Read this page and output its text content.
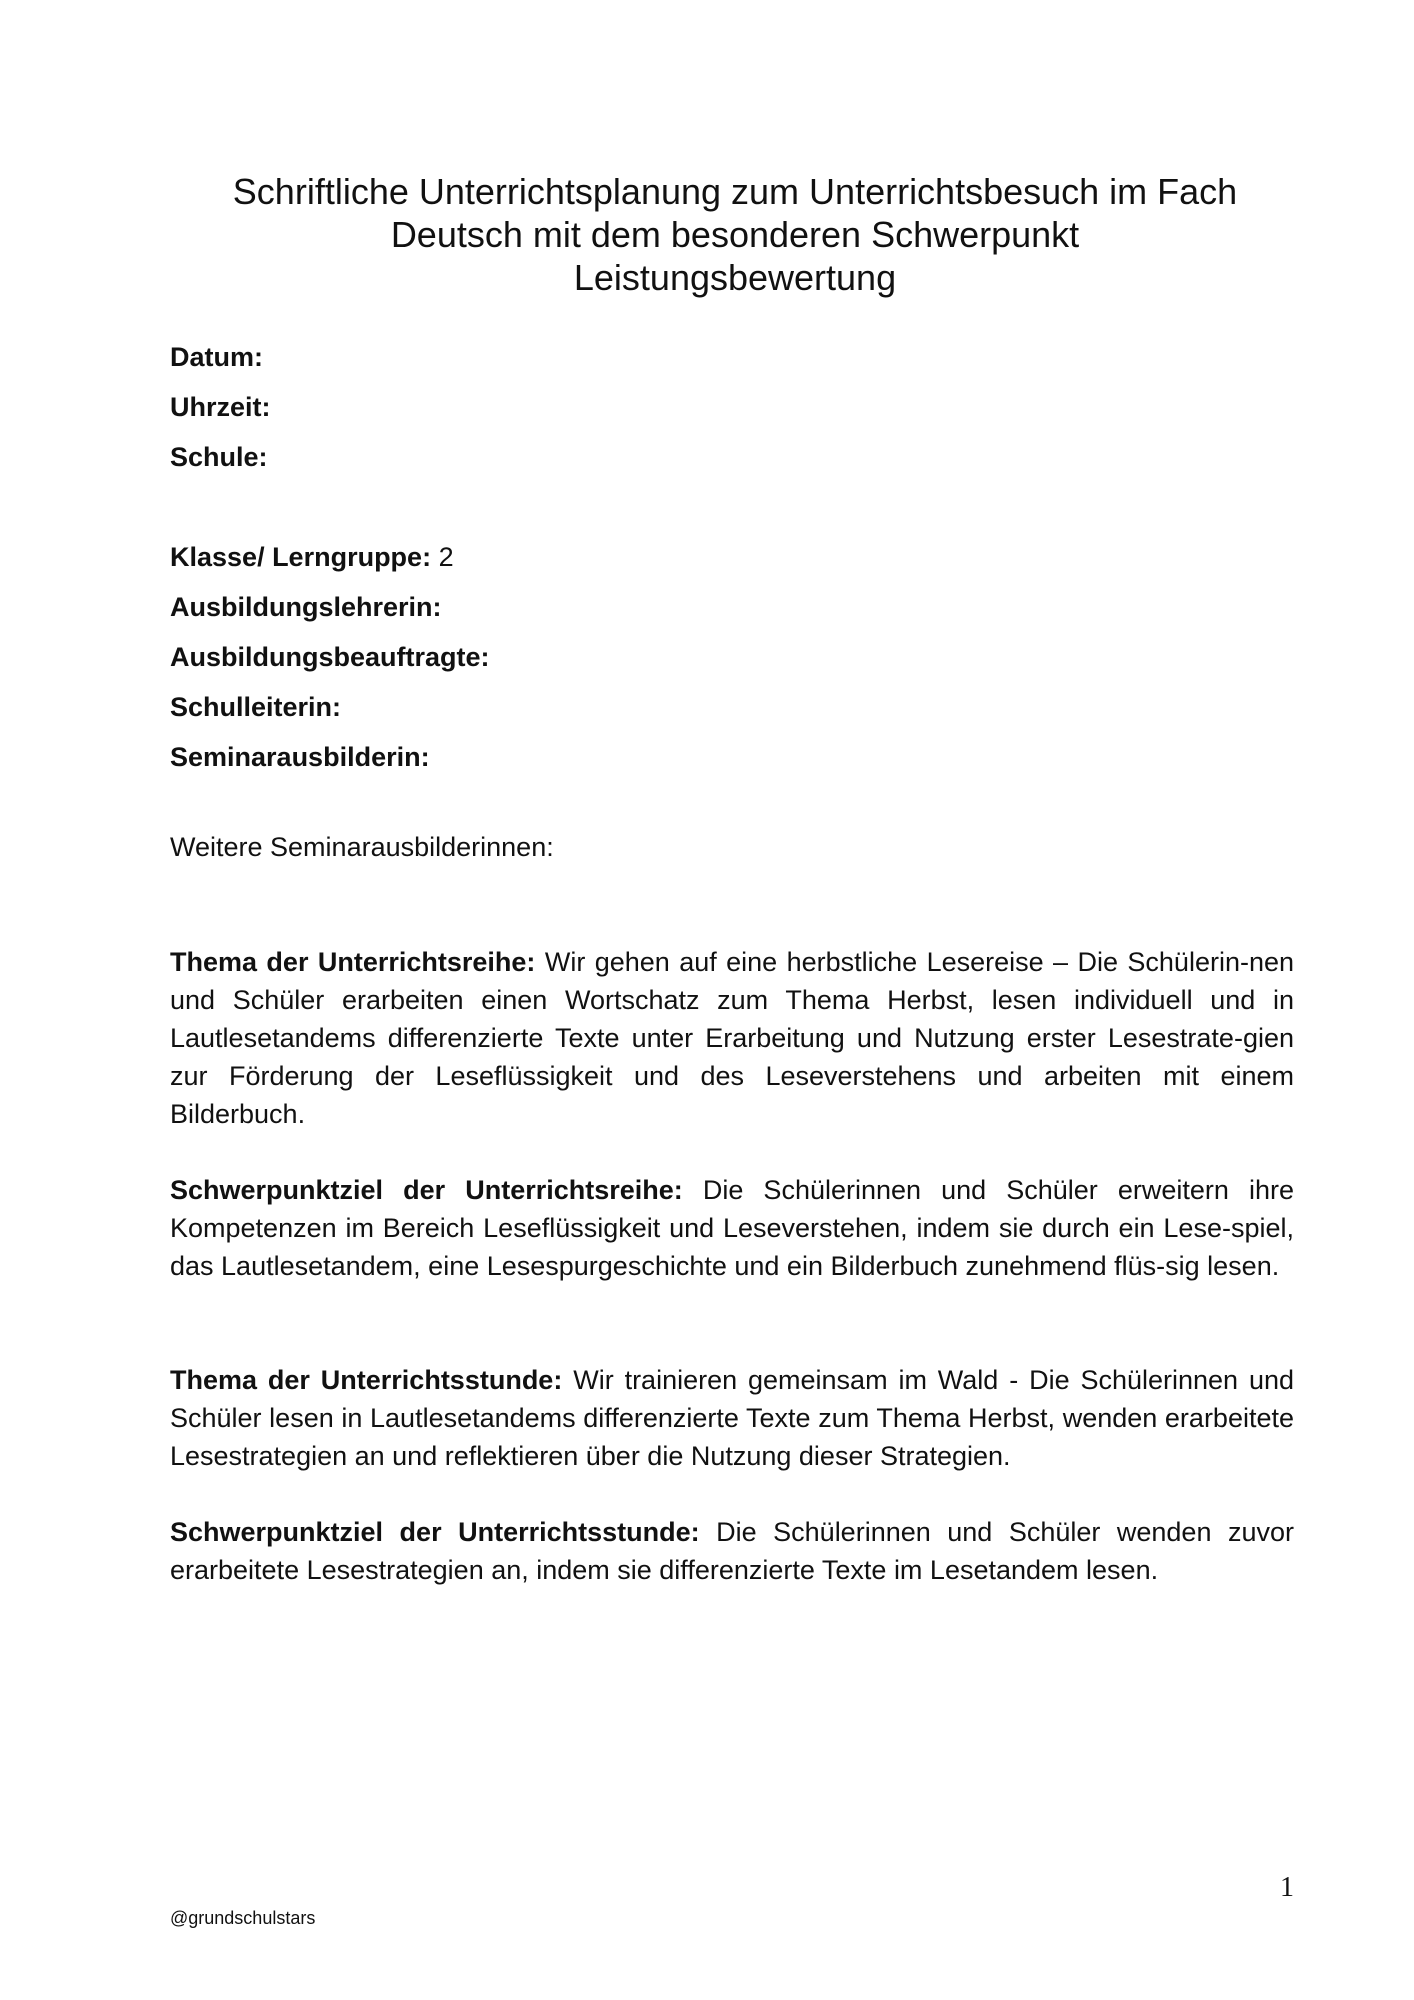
Schriftliche Unterrichtsplanung zum Unterrichtsbesuch im Fach
Deutsch mit dem besonderen Schwerpunkt
Leistungsbewertung

Datum:

Uhrzeit:

Schule:

Klasse/ Lerngruppe: 2

Ausbildungslehrerin:

Ausbildungsbeauftragte:

Schulleiterin:

Seminarausbilderin:

Weitere Seminarausbilderinnen:

Thema der Unterrichtsreihe: Wir gehen auf eine herbstliche Lesereise – Die Schülerin-nen und Schüler erarbeiten einen Wortschatz zum Thema Herbst, lesen individuell und in Lautlesetandems differenzierte Texte unter Erarbeitung und Nutzung erster Lesestrate-gien zur Förderung der Leseflüssigkeit und des Leseverstehens und arbeiten mit einem Bilderbuch.

Schwerpunktziel der Unterrichtsreihe: Die Schülerinnen und Schüler erweitern ihre Kompetenzen im Bereich Leseflüssigkeit und Leseverstehen, indem sie durch ein Lese-spiel, das Lautlesetandem, eine Lesespurgeschichte und ein Bilderbuch zunehmend flüs-sig lesen.

Thema der Unterrichtsstunde: Wir trainieren gemeinsam im Wald - Die Schülerinnen und Schüler lesen in Lautlesetandems differenzierte Texte zum Thema Herbst, wenden erarbeitete Lesestrategien an und reflektieren über die Nutzung dieser Strategien.

Schwerpunktziel der Unterrichtsstunde: Die Schülerinnen und Schüler wenden zuvor erarbeitete Lesestrategien an, indem sie differenzierte Texte im Lesetandem lesen.

1
@grundschulstars
